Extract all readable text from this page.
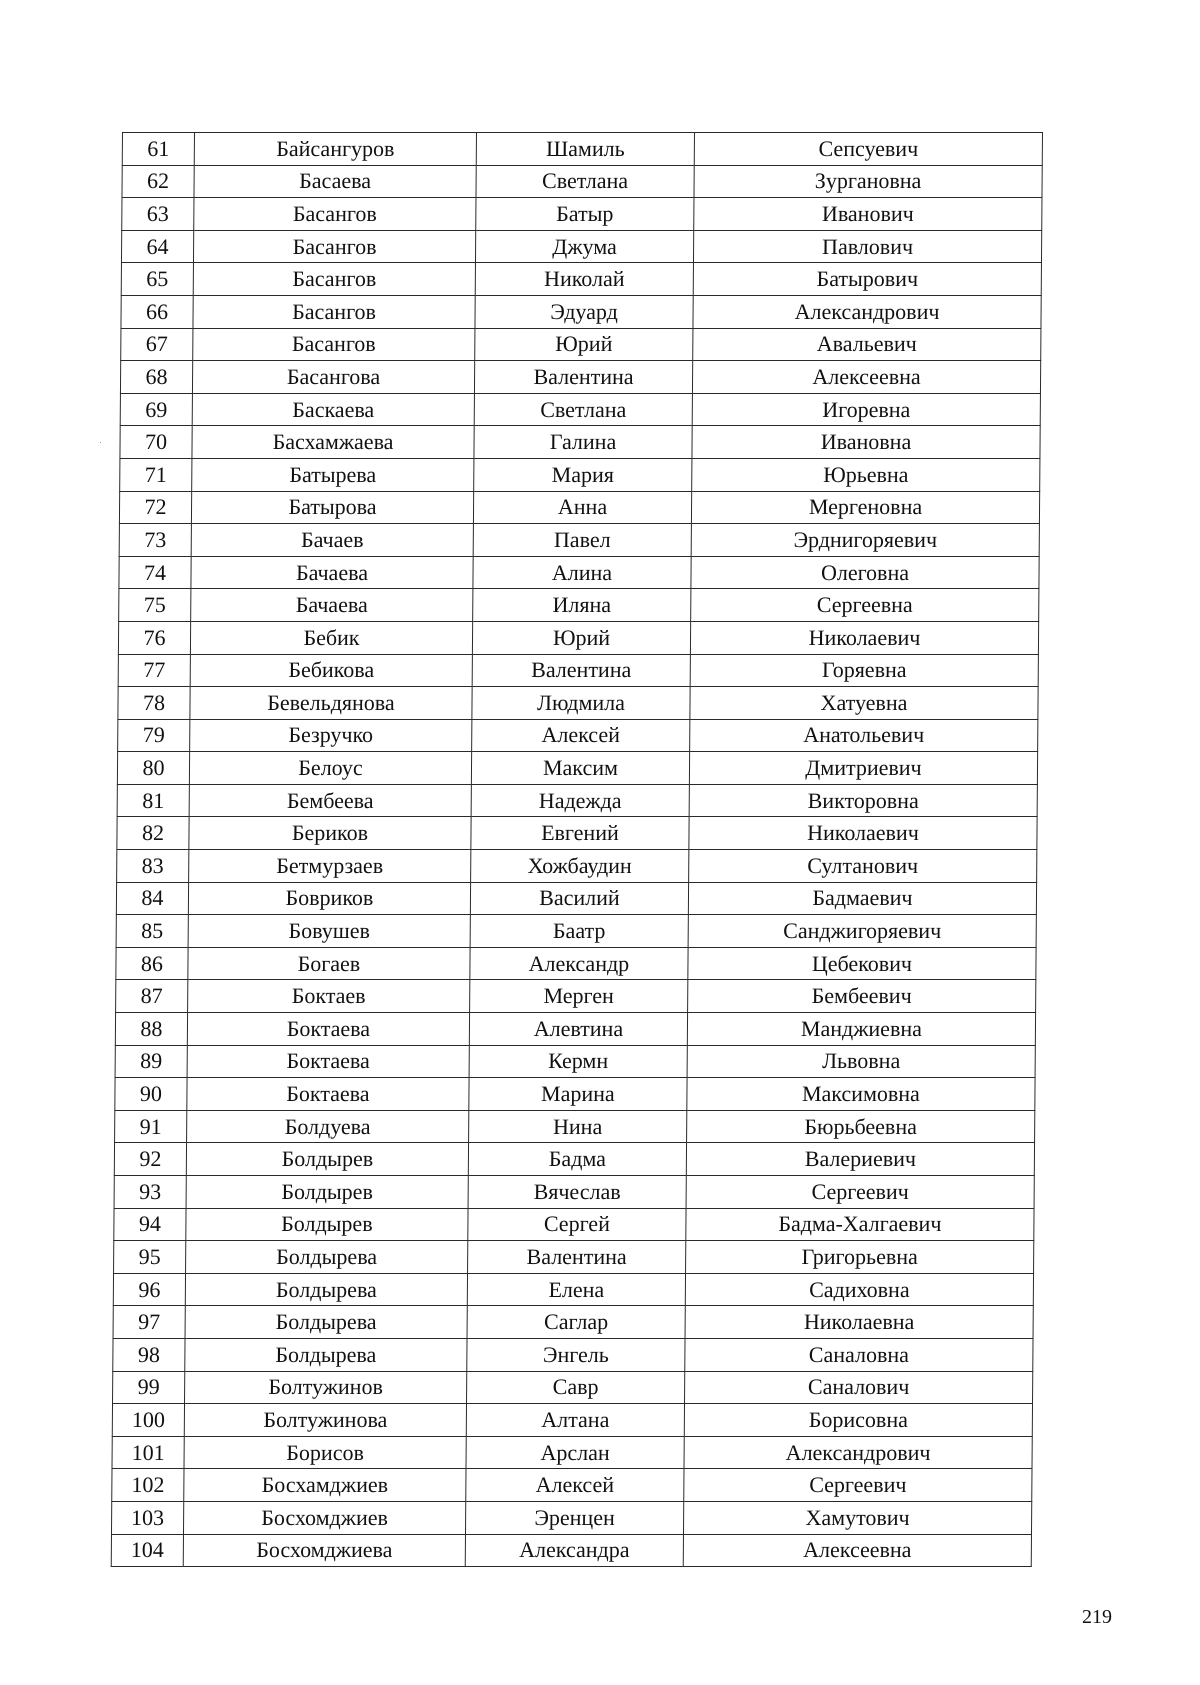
61	Байсангуров	Шамиль	Сепсуевич
62	Басаева	Светлана	Зургановна
63	Басангов	Батыр	Иванович
64	Басангов	Джума	Павлович
65	Басангов	Николай	Батырович
66	Басангов	Эдуард	Александрович
67	Басангов	Юрий	Авальевич
68	Басангова	Валентина	Алексеевна
69	Баскаева	Светлана	Игоревна
70	Басхамжаева	Галина	Ивановна
71	Батырева	Мария	Юрьевна
72	Батырова	Анна	Мергеновна
73	Бачаев	Павел	Эрднигоряевич
74	Бачаева	Алина	Олеговна
75	Бачаева	Иляна	Сергеевна
76	Бебик	Юрий	Николаевич
77	Бебикова	Валентина	Горяевна
78	Бевельдянова	Людмила	Хатуевна
79	Безручко	Алексей	Анатольевич
80	Белоус	Максим	Дмитриевич
81	Бембеева	Надежда	Викторовна
82	Бериков	Евгений	Николаевич
83	Бетмурзаев	Хожбаудин	Султанович
84	Бовриков	Василий	Бадмаевич
85	Бовушев	Баатр	Санджигоряевич
86	Богаев	Александр	Цебекович
87	Боктаев	Мерген	Бембеевич
88	Боктаева	Алевтина	Манджиевна
89	Боктаева	Кермн	Львовна
90	Боктаева	Марина	Максимовна
91	Болдуева	Нина	Бюрьбеевна
92	Болдырев	Бадма	Валериевич
93	Болдырев	Вячеслав	Сергеевич
94	Болдырев	Сергей	Бадма-Халгаевич
95	Болдырева	Валентина	Григорьевна
96	Болдырева	Елена	Садиховна
97	Болдырева	Саглар	Николаевна
98	Болдырева	Энгель	Саналовна
99	Болтужинов	Савр	Саналович
100	Болтужинова	Алтана	Борисовна
101	Борисов	Арслан	Александрович
102	Босхамджиев	Алексей	Сергеевич
103	Босхомджиев	Эренцен	Хамутович
104	Босхомджиева	Александра	Алексеевна
219
